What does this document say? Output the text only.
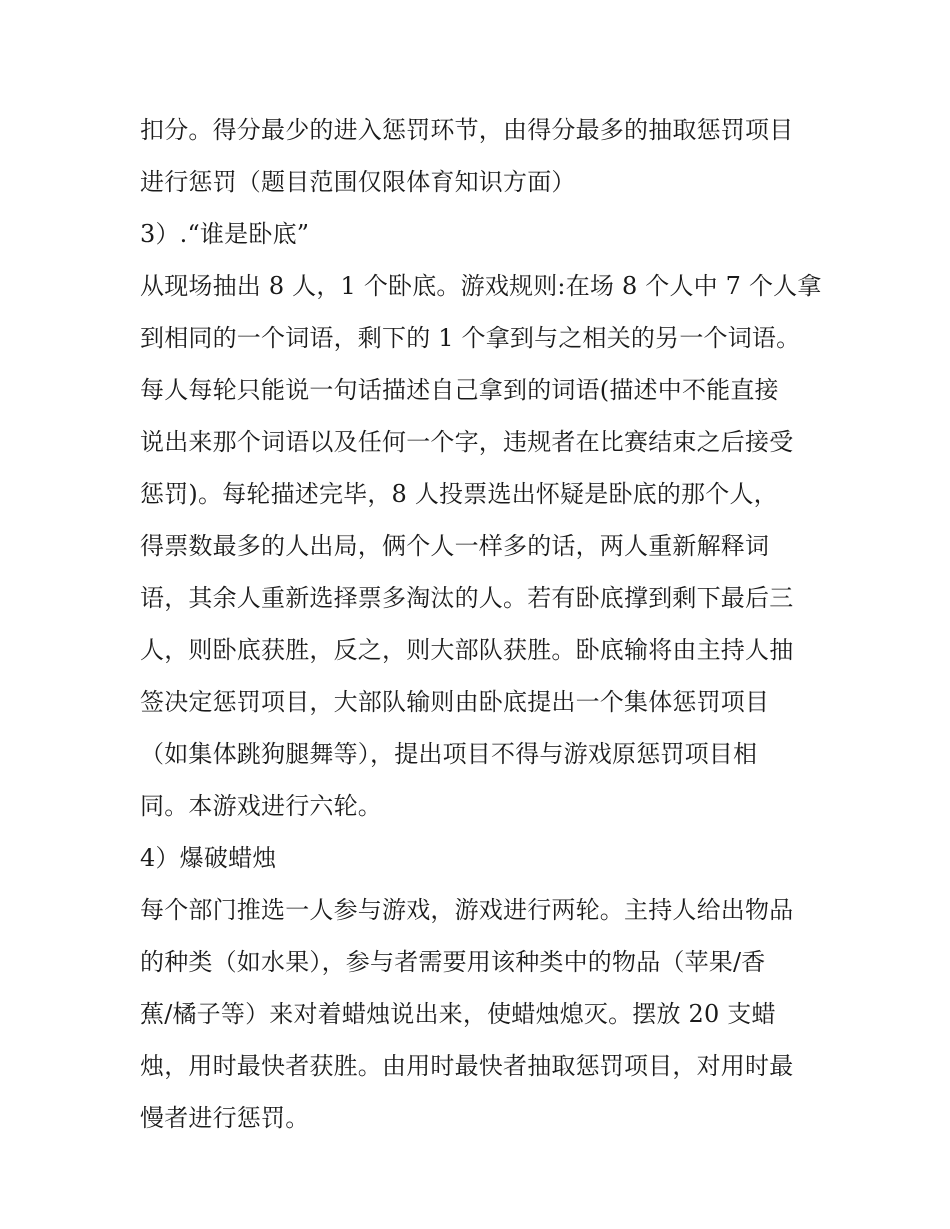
扣分。得分最少的进入惩罚环节，由得分最多的抽取惩罚项目
进行惩罚（题目范围仅限体育知识方面）
3）.“谁是卧底”
从现场抽出 8 人，1 个卧底。游戏规则:在场 8 个人中 7 个人拿
到相同的一个词语，剩下的 1 个拿到与之相关的另一个词语。
每人每轮只能说一句话描述自己拿到的词语(描述中不能直接
说出来那个词语以及任何一个字，违规者在比赛结束之后接受
惩罚)。每轮描述完毕，8 人投票选出怀疑是卧底的那个人，
得票数最多的人出局，俩个人一样多的话，两人重新解释词
语，其余人重新选择票多淘汰的人。若有卧底撑到剩下最后三
人，则卧底获胜，反之，则大部队获胜。卧底输将由主持人抽
签决定惩罚项目，大部队输则由卧底提出一个集体惩罚项目
（如集体跳狗腿舞等），提出项目不得与游戏原惩罚项目相
同。本游戏进行六轮。
4）爆破蜡烛
每个部门推选一人参与游戏，游戏进行两轮。主持人给出物品
的种类（如水果），参与者需要用该种类中的物品（苹果/香
蕉/橘子等）来对着蜡烛说出来，使蜡烛熄灭。摆放 20 支蜡
烛，用时最快者获胜。由用时最快者抽取惩罚项目，对用时最
慢者进行惩罚。
